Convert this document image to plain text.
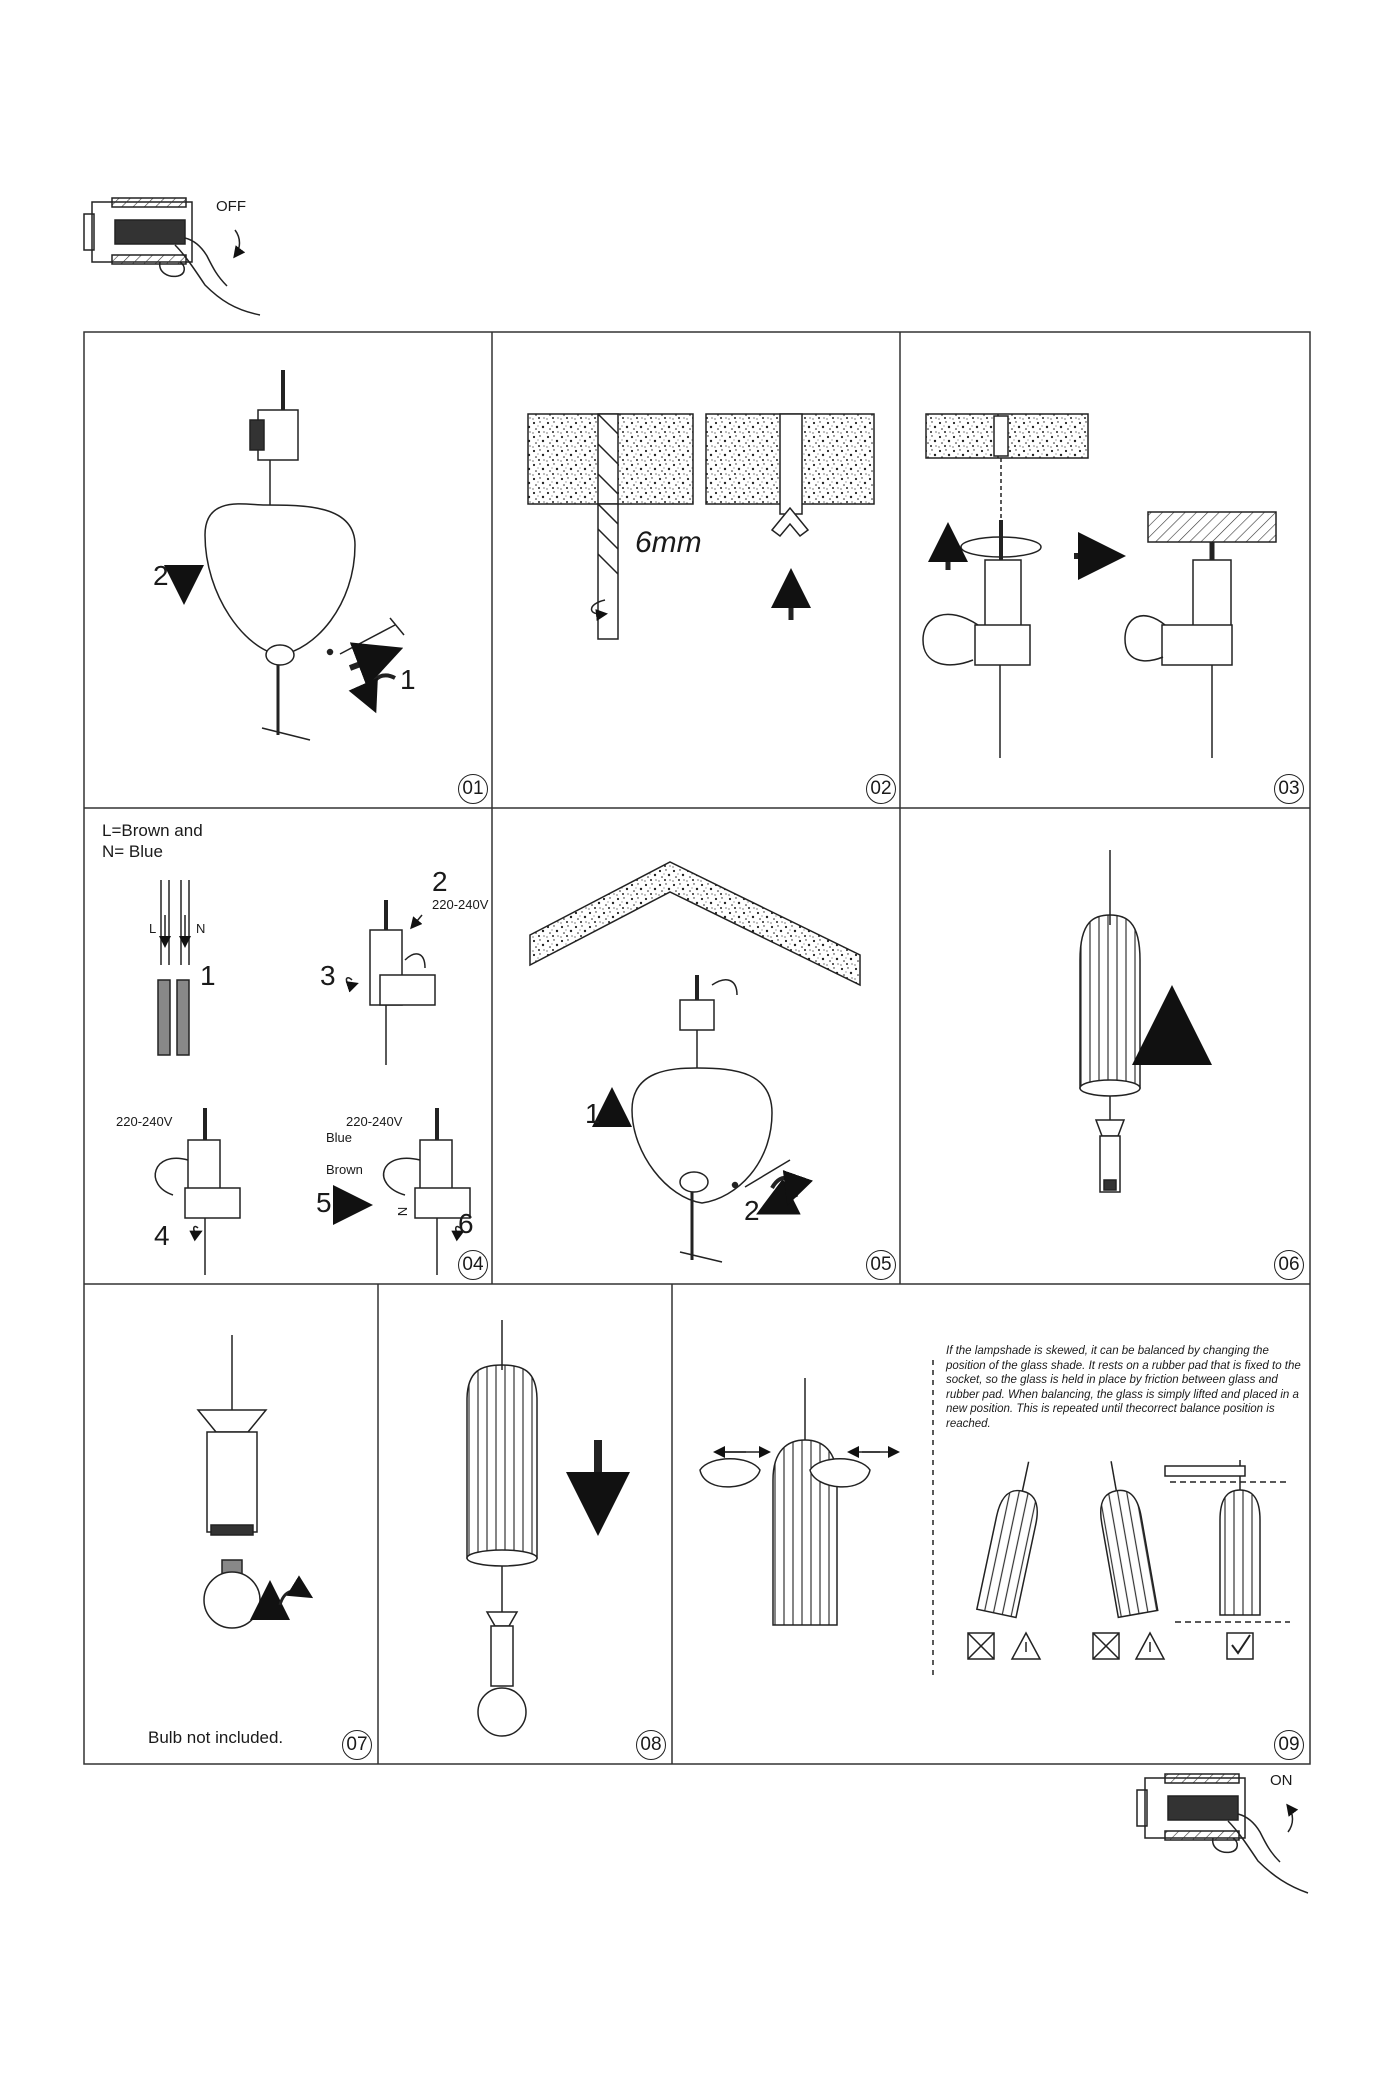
OFF
ON
1
2
01
6mm
02	03
L=Brown and
N= Blue
L	N
1
2
220-240V
3
220-240V
4
220-240V
Blue
Brown
5	N 6
04
1
2
05	06
Bulb not included.	07	08
If the lampshade is skewed, it can be balanced by changing the position of the glass shade. It rests on a rubber pad that is fixed to the socket, so the glass is held in place by friction between glass and rubber pad. When balancing, the glass is simply lifted and placed in a new position. This is repeated until thecorrect balance position is reached.
09
